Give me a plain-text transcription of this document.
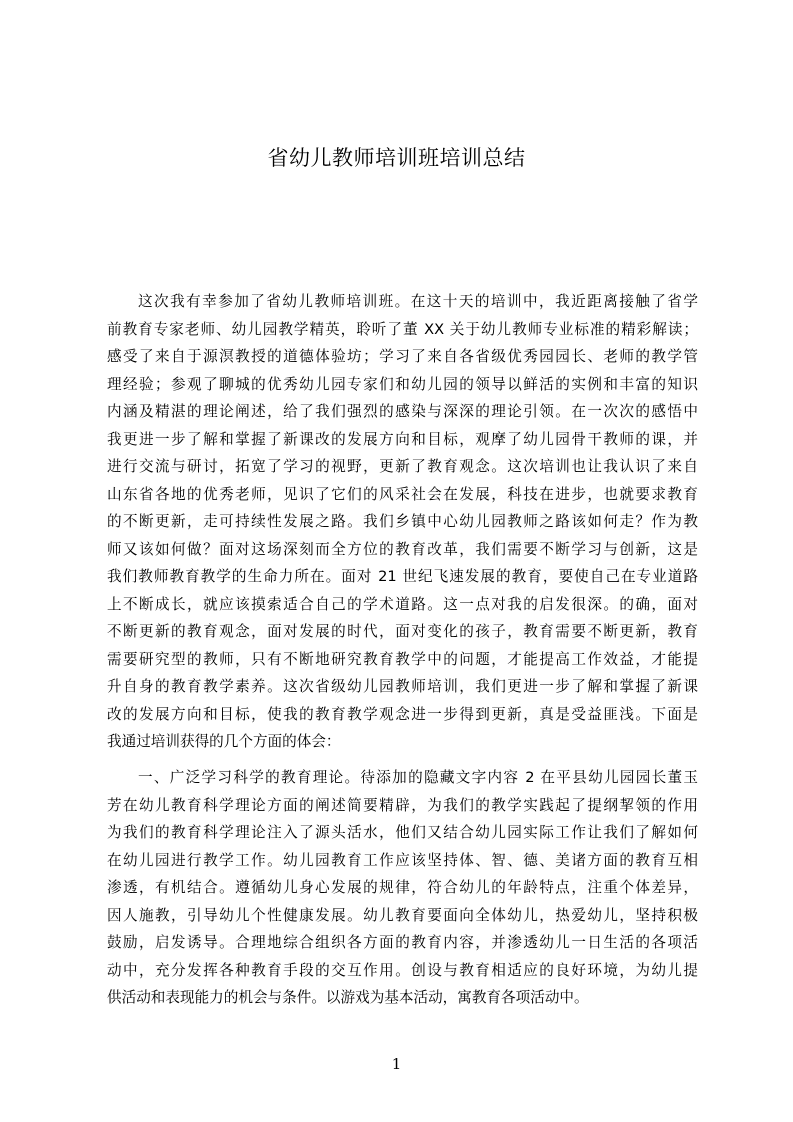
省幼儿教师培训班培训总结
这次我有幸参加了省幼儿教师培训班。在这十天的培训中，我近距离接触了省学
前教育专家老师、幼儿园教学精英，聆听了董 XX 关于幼儿教师专业标准的精彩解读；
感受了来自于源溟教授的道德体验坊；学习了来自各省级优秀园园长、老师的教学管
理经验；参观了聊城的优秀幼儿园专家们和幼儿园的领导以鲜活的实例和丰富的知识
内涵及精湛的理论阐述，给了我们强烈的感染与深深的理论引领。在一次次的感悟中
我更进一步了解和掌握了新课改的发展方向和目标，观摩了幼儿园骨干教师的课，并
进行交流与研讨，拓宽了学习的视野，更新了教育观念。这次培训也让我认识了来自
山东省各地的优秀老师，见识了它们的风采社会在发展，科技在进步，也就要求教育
的不断更新，走可持续性发展之路。我们乡镇中心幼儿园教师之路该如何走？作为教
师又该如何做？面对这场深刻而全方位的教育改革，我们需要不断学习与创新，这是
我们教师教育教学的生命力所在。面对 21 世纪飞速发展的教育，要使自己在专业道路
上不断成长，就应该摸索适合自己的学术道路。这一点对我的启发很深。的确，面对
不断更新的教育观念，面对发展的时代，面对变化的孩子，教育需要不断更新，教育
需要研究型的教师，只有不断地研究教育教学中的问题，才能提高工作效益，才能提
升自身的教育教学素养。这次省级幼儿园教师培训，我们更进一步了解和掌握了新课
改的发展方向和目标，使我的教育教学观念进一步得到更新，真是受益匪浅。下面是
我通过培训获得的几个方面的体会：
一、广泛学习科学的教育理论。待添加的隐藏文字内容 2 在平县幼儿园园长董玉
芳在幼儿教育科学理论方面的阐述简要精辟，为我们的教学实践起了提纲挈领的作用
为我们的教育科学理论注入了源头活水，他们又结合幼儿园实际工作让我们了解如何
在幼儿园进行教学工作。幼儿园教育工作应该坚持体、智、德、美诸方面的教育互相
渗透，有机结合。遵循幼儿身心发展的规律，符合幼儿的年龄特点，注重个体差异，
因人施教，引导幼儿个性健康发展。幼儿教育要面向全体幼儿，热爱幼儿，坚持积极
鼓励，启发诱导。合理地综合组织各方面的教育内容，并渗透幼儿一日生活的各项活
动中，充分发挥各种教育手段的交互作用。创设与教育相适应的良好环境，为幼儿提
供活动和表现能力的机会与条件。以游戏为基本活动，寓教育各项活动中。
1
